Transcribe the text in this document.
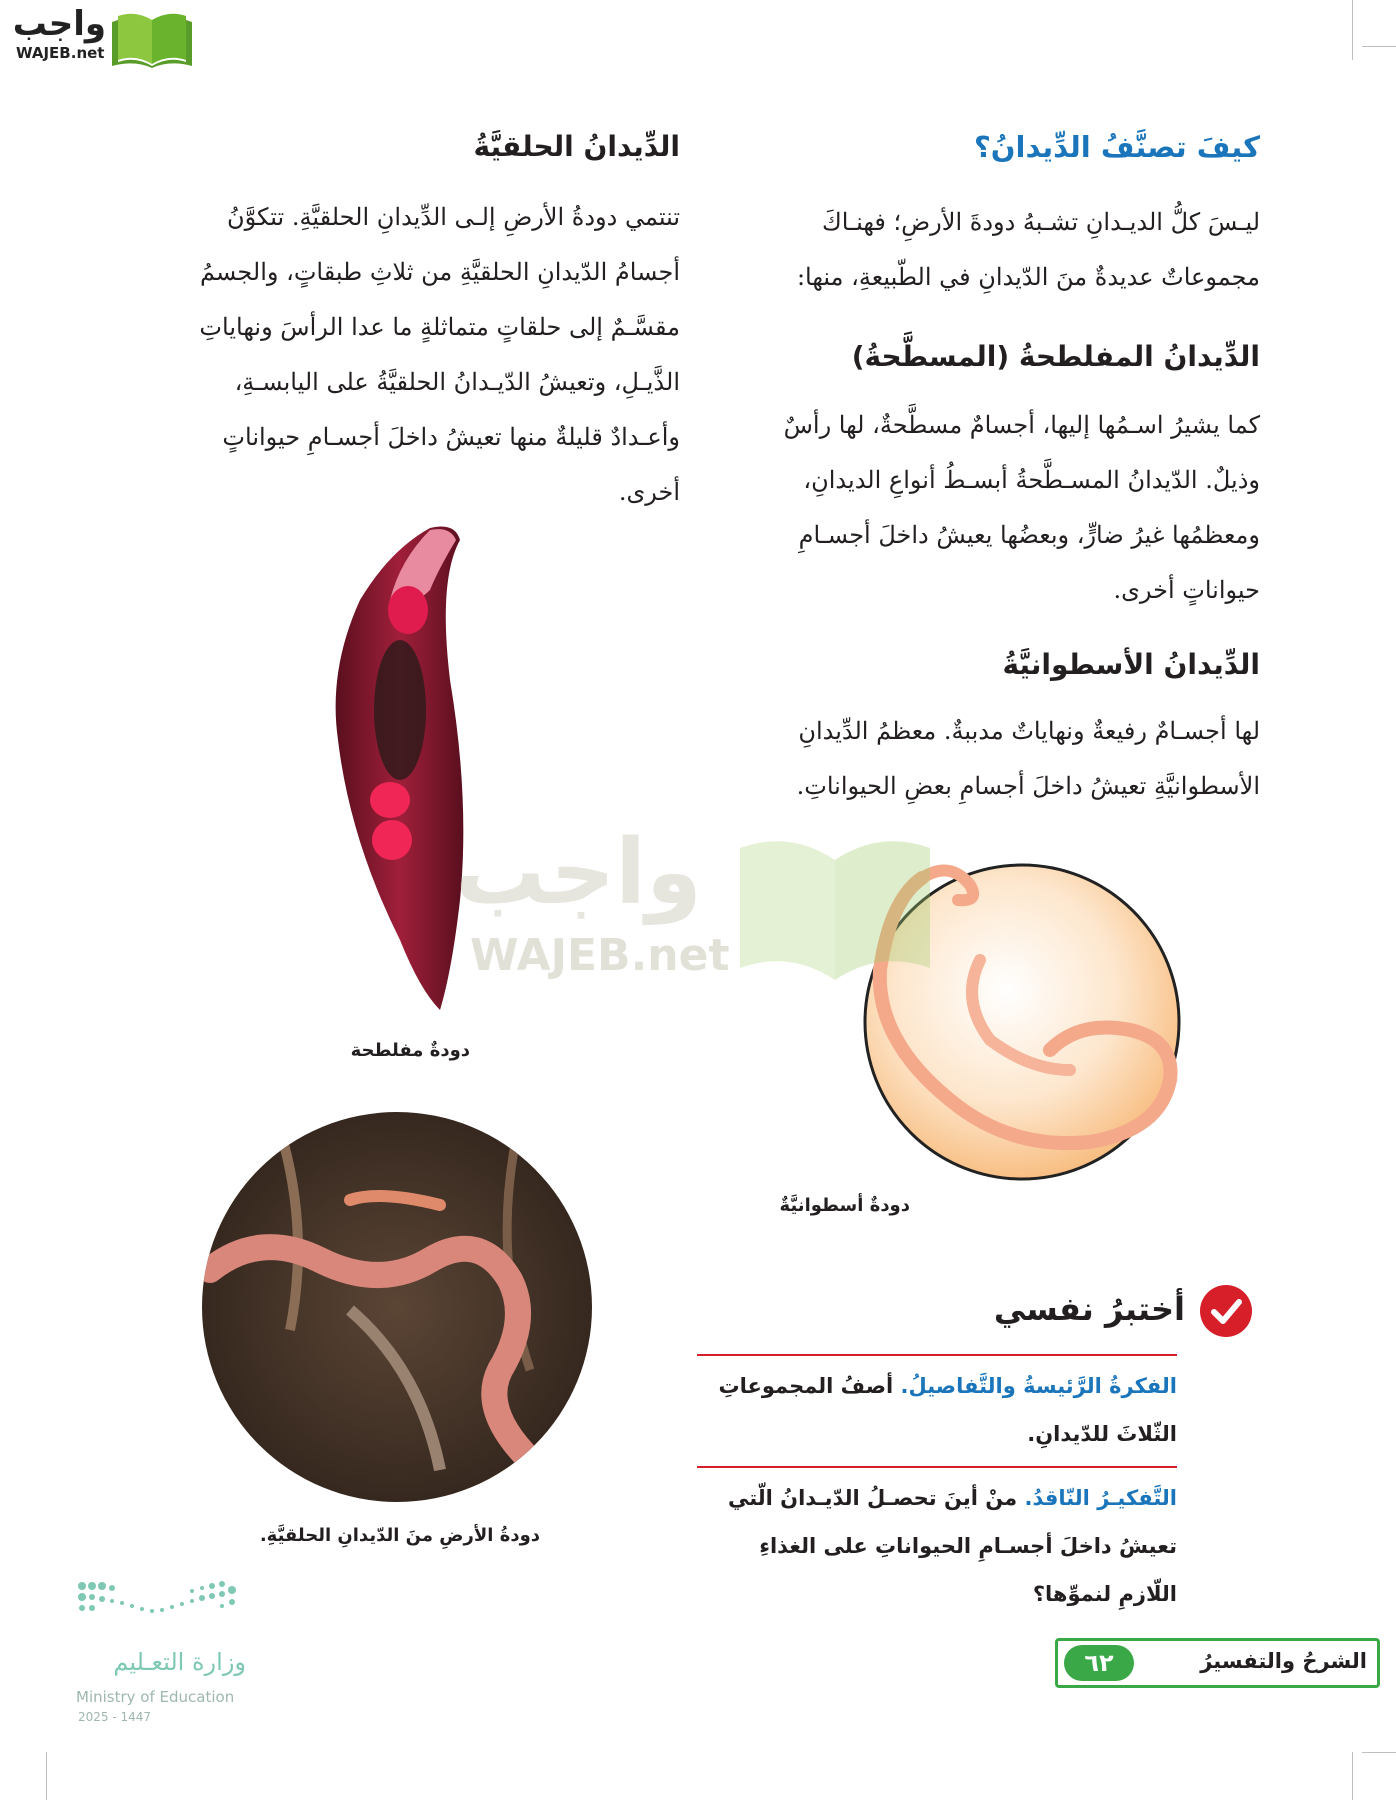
واجب
WAJEB.net
كيفَ تصنَّفُ الدِّيدانُ؟
ليـسَ كلُّ الديـدانِ تشـبهُ دودةَ الأرضِ؛ فهنـاكَ
مجموعاتٌ عديدةٌ منَ الدّيدانِ في الطّبيعةِ، منها:
الدِّيدانُ المفلطحةُ (المسطَّحةُ)
كما يشيرُ اسـمُها إليها، أجسامٌ مسطَّحةٌ، لها رأسٌ
وذيلٌ. الدّيدانُ المسـطَّحةُ أبسـطُ أنواعِ الديدانِ،
ومعظمُها غيرُ ضارٍّ، وبعضُها يعيشُ داخلَ أجسـامِ
حيواناتٍ أخرى.
الدِّيدانُ الأسطوانيَّةُ
لها أجسـامٌ رفيعةٌ ونهاياتٌ مدببةٌ. معظمُ الدِّيدانِ
الأسطوانيَّةِ تعيشُ داخلَ أجسامِ بعضِ الحيواناتِ.
دودةٌ أسطوانيَّةٌ
الدِّيدانُ الحلقيَّةُ
تنتمي دودةُ الأرضِ إلـى الدِّيدانِ الحلقيَّةِ. تتكوَّنُ
أجسامُ الدّيدانِ الحلقيَّةِ من ثلاثِ طبقاتٍ، والجسمُ
مقسَّـمٌ إلى حلقاتٍ متماثلةٍ ما عدا الرأسَ ونهاياتِ
الذَّيـلِ، وتعيشُ الدّيـدانُ الحلقيَّةُ على اليابسـةِ،
وأعـدادٌ قليلةٌ منها تعيشُ داخلَ أجسـامِ حيواناتٍ
أخرى.
دودةٌ مفلطحة
دودةُ الأرضِ منَ الدّيدانِ الحلقيَّةِ.
واجب
WAJEB.net
أختبرُ نفسي
الفكرةُ الرَّئيسةُ والتَّفاصيلُ. أصفُ المجموعاتِ الثّلاثَ للدّيدانِ.
التَّفكيـرُ النّاقدُ. منْ أينَ تحصـلُ الدّيـدانُ الّتي تعيشُ داخلَ أجسـامِ الحيواناتِ على الغذاءِ اللّازمِ لنموِّها؟
٦٢	الشرحُ والتفسيرُ
وزارة التعـليم
Ministry of Education
2025 - 1447
